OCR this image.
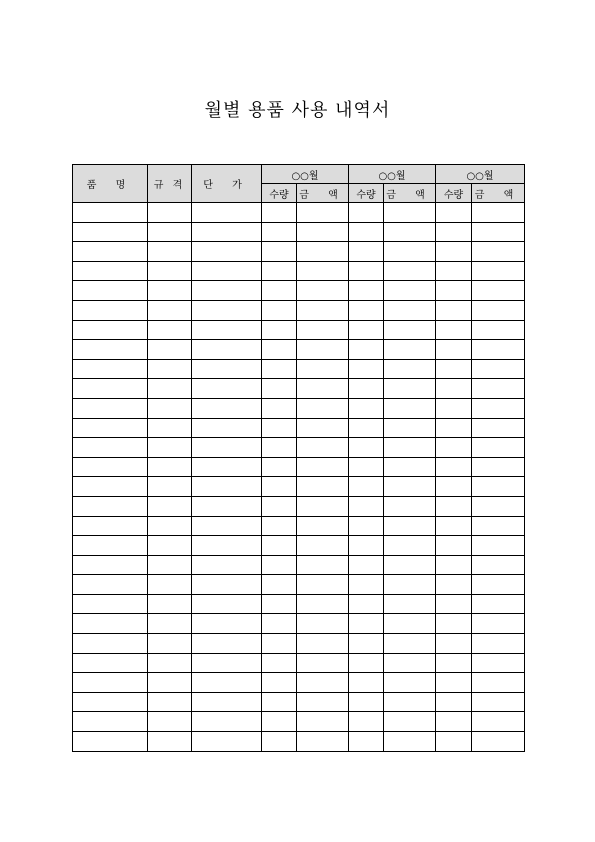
월별 용품 사용 내역서
품 명	규 격	단 가	○○월		○○월		○○월	
			수량	금 액	수량	금 액	수량	금 액
